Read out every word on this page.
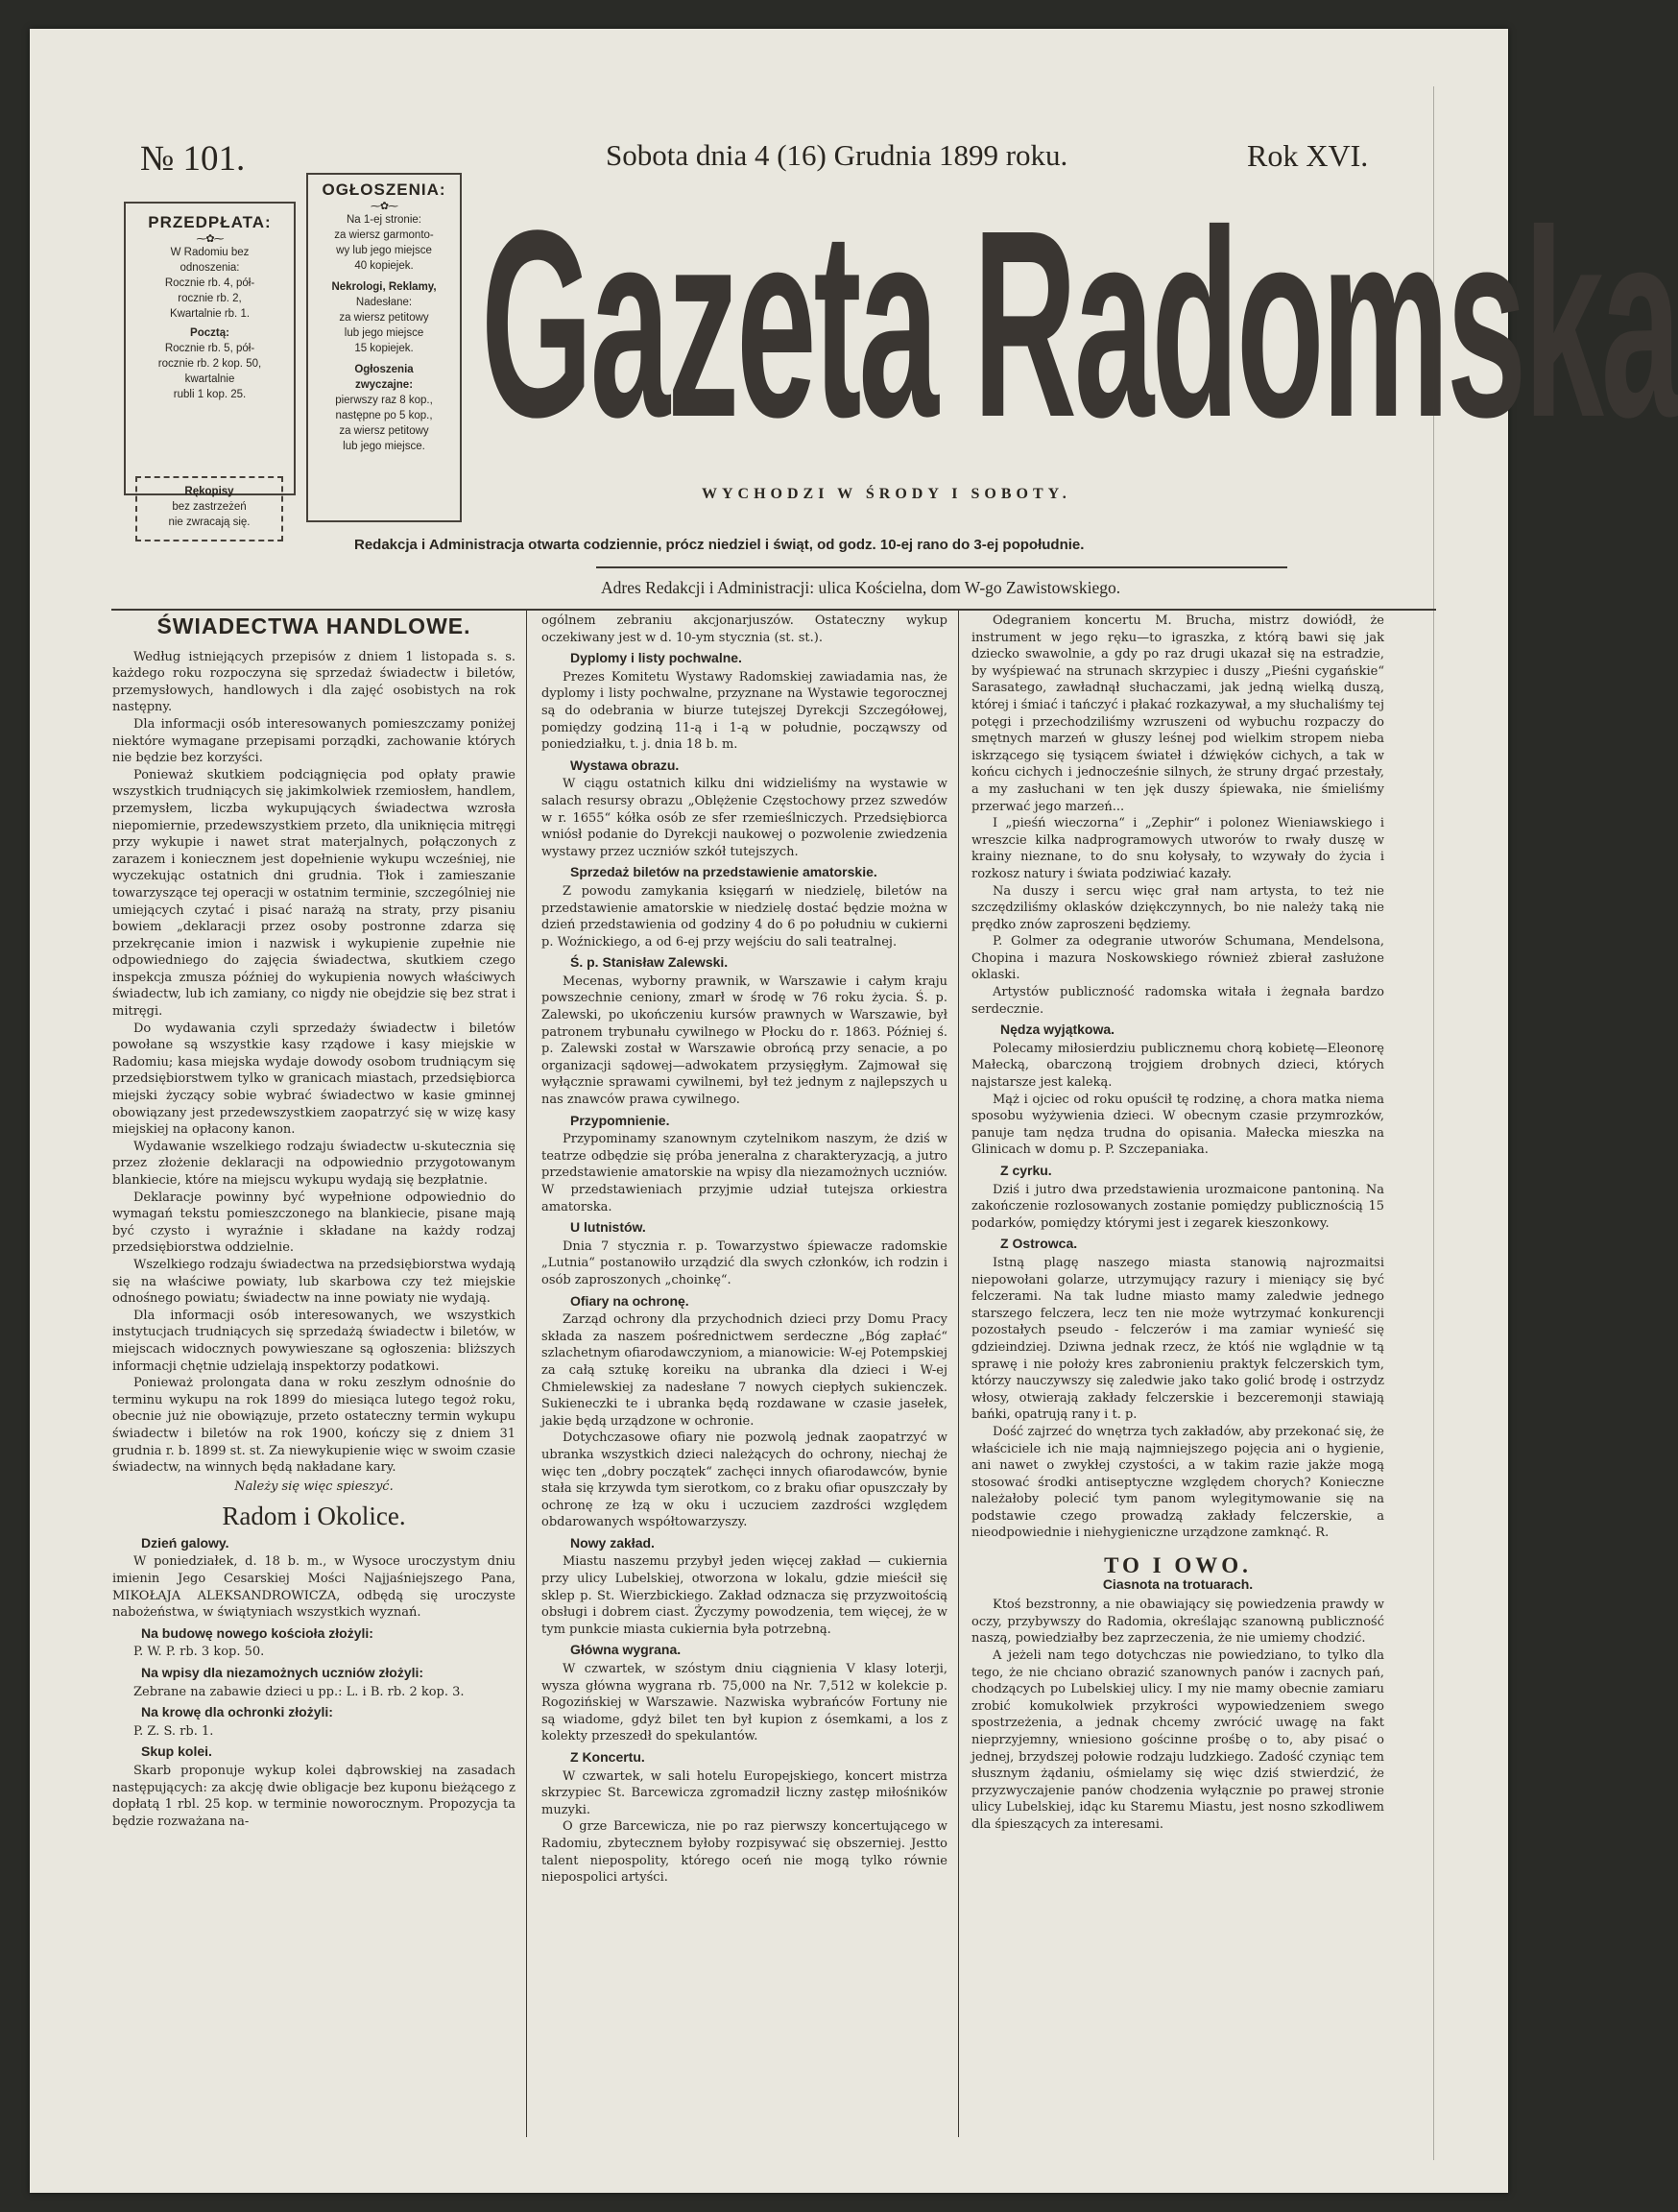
№ 101.	Sobota dnia 4 (16) Grudnia 1899 roku.	Rok XVI.
PRZEDPŁATA:
⁓✿⁓
W Radomiu bez
odnoszenia:
Rocznie rb. 4, pół-
rocznie rb. 2,
Kwartalnie rb. 1.
Pocztą:
Rocznie rb. 5, pół-
rocznie rb. 2 kop. 50,
kwartalnie
rubli 1 kop. 25.
Rękopisy
bez zastrzeżeń
nie zwracają się.
OGŁOSZENIA:
⁓✿⁓
Na 1-ej stronie:
za wiersz garmonto-
wy lub jego miejsce
40 kopiejek.
Nekrologi, Reklamy,
Nadesłane:
za wiersz petitowy
lub jego miejsce
15 kopiejek.
Ogłoszenia
zwyczajne:
pierwszy raz 8 kop.,
następne po 5 kop.,
za wiersz petitowy
lub jego miejsce. Gazeta Radomska
WYCHODZI W ŚRODY I SOBOTY.
Redakcja i Administracja otwarta codziennie, prócz niedziel i świąt, od godz. 10-ej rano do 3-ej popołudnie.
Adres Redakcji i Administracji: ulica Kościelna, dom W-go Zawistowskiego.
ŚWIADECTWA HANDLOWE.

Według istniejących przepisów z dniem 1 listopada s. s. każdego roku rozpoczyna się sprzedaż świadectw i biletów, przemysłowych, handlowych i dla zajęć osobistych na rok następny.

Dla informacji osób interesowanych pomieszczamy poniżej niektóre wymagane przepisami porządki, zachowanie których nie będzie bez korzyści.

Ponieważ skutkiem podciągnięcia pod opłaty prawie wszystkich trudniących się jakimkolwiek rzemiosłem, handlem, przemysłem, liczba wykupujących świadectwa wzrosła niepomiernie, przedewszystkiem przeto, dla uniknięcia mitręgi przy wykupie i nawet strat materjalnych, połączonych z zarazem i koniecznem jest dopełnienie wykupu wcześniej, nie wyczekując ostatnich dni grudnia. Tłok i zamieszanie towarzyszące tej operacji w ostatnim terminie, szczególniej nie umiejących czytać i pisać narażą na straty, przy pisaniu bowiem „deklaracji przez osoby postronne zdarza się przekręcanie imion i nazwisk i wykupienie zupełnie nie odpowiedniego do zajęcia świadectwa, skutkiem czego inspekcja zmusza później do wykupienia nowych właściwych świadectw, lub ich zamiany, co nigdy nie obejdzie się bez strat i mitręgi.

Do wydawania czyli sprzedaży świadectw i biletów powołane są wszystkie kasy rządowe i kasy miejskie w Radomiu; kasa miejska wydaje dowody osobom trudniącym się przedsiębiorstwem tylko w granicach miastach, przedsiębiorca miejski życzący sobie wybrać świadectwo w kasie gminnej obowiązany jest przedewszystkiem zaopatrzyć się w wizę kasy miejskiej na opłacony kanon.

Wydawanie wszelkiego rodzaju świadectw u-skutecznia się przez złożenie deklaracji na odpowiednio przygotowanym blankiecie, które na miejscu wykupu wydają się bezpłatnie.

Deklaracje powinny być wypełnione odpowiednio do wymagań tekstu pomieszczonego na blankiecie, pisane mają być czysto i wyraźnie i składane na każdy rodzaj przedsiębiorstwa oddzielnie.

Wszelkiego rodzaju świadectwa na przedsiębiorstwa wydają się na właściwe powiaty, lub skarbowa czy też miejskie odnośnego powiatu; świadectw na inne powiaty nie wydają.

Dla informacji osób interesowanych, we wszystkich instytucjach trudniących się sprzedażą świadectw i biletów, w miejscach widocznych powywieszane są ogłoszenia: bliższych informacji chętnie udzielają inspektorzy podatkowi.

Ponieważ prolongata dana w roku zeszłym odnośnie do terminu wykupu na rok 1899 do miesiąca lutego tegoż roku, obecnie już nie obowiązuje, przeto ostateczny termin wykupu świadectw i biletów na rok 1900, kończy się z dniem 31 grudnia r. b. 1899 st. st. Za niewykupienie więc w swoim czasie świadectw, na winnych będą nakładane kary.

Należy się więc spieszyć.
Radom i Okolice.
Dzień galowy.

W poniedziałek, d. 18 b. m., w Wysoce uroczystym dniu imienin Jego Cesarskiej Mości Najjaśniejszego Pana, MIKOŁAJA ALEKSANDROWICZA, odbędą się uroczyste nabożeństwa, w świątyniach wszystkich wyznań.

Na budowę nowego kościoła złożyli:

P. W. P. rb. 3 kop. 50.

Na wpisy dla niezamożnych uczniów złożyli:

Zebrane na zabawie dzieci u pp.: L. i B. rb. 2 kop. 3.

Na krowę dla ochronki złożyli:

P. Z. S. rb. 1.

Skup kolei.

Skarb proponuje wykup kolei dąbrowskiej na zasadach następujących: za akcję dwie obligacje bez kuponu bieżącego z dopłatą 1 rbl. 25 kop. w terminie noworocznym. Propozycja ta będzie rozważana na-

ogólnem zebraniu akcjonarjuszów. Ostateczny wykup oczekiwany jest w d. 10-ym stycznia (st. st.).

Dyplomy i listy pochwalne.

Prezes Komitetu Wystawy Radomskiej zawiadamia nas, że dyplomy i listy pochwalne, przyznane na Wystawie tegorocznej są do odebrania w biurze tutejszej Dyrekcji Szczegółowej, pomiędzy godziną 11-ą i 1-ą w południe, począwszy od poniedziałku, t. j. dnia 18 b. m.

Wystawa obrazu.

W ciągu ostatnich kilku dni widzieliśmy na wystawie w salach resursy obrazu „Oblężenie Częstochowy przez szwedów w r. 1655“ kółka osób ze sfer rzemieślniczych. Przedsiębiorca wniósł podanie do Dyrekcji naukowej o pozwolenie zwiedzenia wystawy przez uczniów szkół tutejszych.

Sprzedaż biletów na przedstawienie amatorskie.

Z powodu zamykania księgarń w niedzielę, biletów na przedstawienie amatorskie w niedzielę dostać będzie można w dzień przedstawienia od godziny 4 do 6 po południu w cukierni p. Woźnickiego, a od 6-ej przy wejściu do sali teatralnej.

Ś. p. Stanisław Zalewski.

Mecenas, wyborny prawnik, w Warszawie i całym kraju powszechnie ceniony, zmarł w środę w 76 roku życia. Ś. p. Zalewski, po ukończeniu kursów prawnych w Warszawie, był patronem trybunału cywilnego w Płocku do r. 1863. Później ś. p. Zalewski został w Warszawie obrońcą przy senacie, a po organizacji sądowej—adwokatem przysięgłym. Zajmował się wyłącznie sprawami cywilnemi, był też jednym z najlepszych u nas znawców prawa cywilnego.

Przypomnienie.

Przypominamy szanownym czytelnikom naszym, że dziś w teatrze odbędzie się próba jeneralna z charakteryzacją, a jutro przedstawienie amatorskie na wpisy dla niezamożnych uczniów. W przedstawieniach przyjmie udział tutejsza orkiestra amatorska.

U lutnistów.

Dnia 7 stycznia r. p. Towarzystwo śpiewacze radomskie „Lutnia“ postanowiło urządzić dla swych członków, ich rodzin i osób zaproszonych „choinkę“.

Ofiary na ochronę.

Zarząd ochrony dla przychodnich dzieci przy Domu Pracy składa za naszem pośrednictwem serdeczne „Bóg zapłać“ szlachetnym ofiarodawczyniom, a mianowicie: W-ej Potempskiej za całą sztukę koreiku na ubranka dla dzieci i W-ej Chmielewskiej za nadesłane 7 nowych ciepłych sukienczek. Sukieneczki te i ubranka będą rozdawane w czasie jasełek, jakie będą urządzone w ochronie.

Dotychczasowe ofiary nie pozwolą jednak zaopatrzyć w ubranka wszystkich dzieci należących do ochrony, niechaj że więc ten „dobry początek“ zachęci innych ofiarodawców, bynie stała się krzywda tym sierotkom, co z braku ofiar opuszczały by ochronę ze łzą w oku i uczuciem zazdrości względem obdarowanych współtowarzyszy.

Nowy zakład.

Miastu naszemu przybył jeden więcej zakład — cukiernia przy ulicy Lubelskiej, otworzona w lokalu, gdzie mieścił się sklep p. St. Wierzbickiego. Zakład odznacza się przyzwoitością obsługi i dobrem ciast. Życzymy powodzenia, tem więcej, że w tym punkcie miasta cukiernia była potrzebną.

Główna wygrana.

W czwartek, w szóstym dniu ciągnienia V klasy loterji, wysza główna wygrana rb. 75,000 na Nr. 7,512 w kolekcie p. Rogozińskiej w Warszawie. Nazwiska wybrańców Fortuny nie są wiadome, gdyż bilet ten był kupion z ósemkami, a los z kolekty przeszedł do spekulantów.

Z Koncertu.

W czwartek, w sali hotelu Europejskiego, koncert mistrza skrzypiec St. Barcewicza zgromadził liczny zastęp miłośników muzyki.

O grze Barcewicza, nie po raz pierwszy koncertującego w Radomiu, zbytecznem byłoby rozpisywać się obszerniej. Jestto talent niepospolity, którego oceń nie mogą tylko równie niepospolici artyści.

Odegraniem koncertu M. Brucha, mistrz dowiódł, że instrument w jego ręku—to igraszka, z którą bawi się jak dziecko swawolnie, a gdy po raz drugi ukazał się na estradzie, by wyśpiewać na strunach skrzypiec i duszy „Pieśni cygańskie“ Sarasatego, zawładnął słuchaczami, jak jedną wielką duszą, której i śmiać i tańczyć i płakać rozkazywał, a my słuchaliśmy tej potęgi i przechodziliśmy wzruszeni od wybuchu rozpaczy do smętnych marzeń w głuszy leśnej pod wielkim stropem nieba iskrzącego się tysiącem świateł i dźwięków cichych, a tak w końcu cichych i jednocześnie silnych, że struny drgać przestały, a my zasłuchani w ten jęk duszy śpiewaka, nie śmieliśmy przerwać jego marzeń...

I „pieśń wieczorna“ i „Zephir“ i polonez Wieniawskiego i wreszcie kilka nadprogramowych utworów to rwały duszę w krainy nieznane, to do snu kołysały, to wzywały do życia i rozkosz natury i świata podziwiać kazały.

Na duszy i sercu więc grał nam artysta, to też nie szczędziliśmy oklasków dziękczynnych, bo nie należy taką nie prędko znów zaproszeni będziemy.

P. Golmer za odegranie utworów Schumana, Mendelsona, Chopina i mazura Noskowskiego również zbierał zasłużone oklaski.

Artystów publiczność radomska witała i żegnała bardzo serdecznie.

Nędza wyjątkowa.

Polecamy miłosierdziu publicznemu chorą kobietę—Eleonorę Małecką, obarczoną trojgiem drobnych dzieci, których najstarsze jest kaleką.

Mąż i ojciec od roku opuścił tę rodzinę, a chora matka niema sposobu wyżywienia dzieci. W obecnym czasie przymrozków, panuje tam nędza trudna do opisania. Małecka mieszka na Glinicach w domu p. P. Szczepaniaka.

Z cyrku.

Dziś i jutro dwa przedstawienia urozmaicone pantoniną. Na zakończenie rozlosowanych zostanie pomiędzy publicznością 15 podarków, pomiędzy którymi jest i zegarek kieszonkowy.

Z Ostrowca.

Istną plagę naszego miasta stanowią najrozmaitsi niepowołani golarze, utrzymujący razury i mieniący się być felczerami. Na tak ludne miasto mamy zaledwie jednego starszego felczera, lecz ten nie może wytrzymać konkurencji pozostałych pseudo - felczerów i ma zamiar wynieść się gdzieindziej. Dziwna jednak rzecz, że któś nie wglądnie w tą sprawę i nie położy kres zabronieniu praktyk felczerskich tym, którzy nauczywszy się zaledwie jako tako golić brodę i ostrzydz włosy, otwierają zakłady felczerskie i bezceremonji stawiają bańki, opatrują rany i t. p.

Dość zajrzeć do wnętrza tych zakładów, aby przekonać się, że właściciele ich nie mają najmniejszego pojęcia ani o hygienie, ani nawet o zwykłej czystości, a w takim razie jakże mogą stosować środki antiseptyczne względem chorych? Konieczne należałoby polecić tym panom wylegitymowanie się na podstawie czego prowadzą zakłady felczerskie, a nieodpowiednie i niehygieniczne urządzone zamknąć. R.

TO I OWO.
Ciasnota na trotuarach.

Ktoś bezstronny, a nie obawiający się powiedzenia prawdy w oczy, przybywszy do Radomia, określając szanowną publiczność naszą, powiedziałby bez zaprzeczenia, że nie umiemy chodzić.

A jeżeli nam tego dotychczas nie powiedziano, to tylko dla tego, że nie chciano obrazić szanownych panów i zacnych pań, chodzących po Lubelskiej ulicy. I my nie mamy obecnie zamiaru zrobić komukolwiek przykrości wypowiedzeniem swego spostrzeżenia, a jednak chcemy zwrócić uwagę na fakt nieprzyjemny, wniesiono gościnne prośbę o to, aby pisać o jednej, brzydszej połowie rodzaju ludzkiego. Zadość czyniąc tem słusznym żądaniu, ośmielamy się więc dziś stwierdzić, że przyzwyczajenie panów chodzenia wyłącznie po prawej stronie ulicy Lubelskiej, idąc ku Staremu Miastu, jest nosno szkodliwem dla śpieszących za interesami.
